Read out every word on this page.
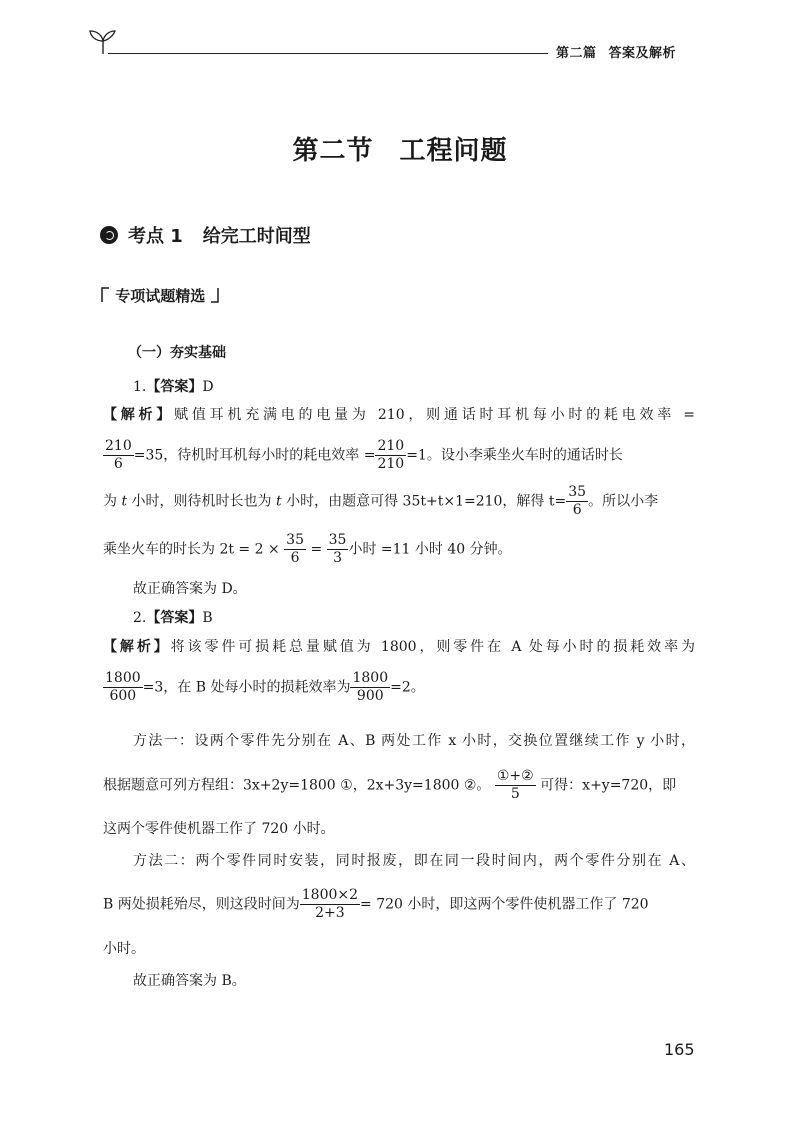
第二篇 答案及解析
第二节 工程问题
考点 1 给完工时间型
专项试题精选
（一）夯实基础
1.【答案】D
【解析】赋值耳机充满电的电量为 210，则通话时耳机每小时的耗电效率 =
$\frac{210}{6} =35$，待机时耳机每小时的耗电效率 = $\frac{210}{210} =1$。设小李乘坐火车时的通话时长
为 t 小时，则待机时长也为 t 小时，由题意可得 35t+t×1=210，解得 $t= \frac{35}{6}$ 。所以小李
乘坐火车的时长为 $2t = 2 \times \frac{35}{6} = \frac{35}{3}$ 小时 =11 小时 40 分钟。
故正确答案为 D。
2.【答案】B
【解析】将该零件可损耗总量赋值为 1800，则零件在 A 处每小时的损耗效率为
$\frac{1800}{600} =3$，在 B 处每小时的损耗效率为 $\frac{1800}{900} =2$。
方法一：设两个零件先分别在 A、B 两处工作 x 小时，交换位置继续工作 y 小时，
根据题意可列方程组：3x+2y=1800 ①，2x+3y=1800 ②。 $\frac{\text{①+②}}{5}$ 可得：x+y=720，即
这两个零件使机器工作了 720 小时。
方法二：两个零件同时安装，同时报废，即在同一段时间内，两个零件分别在 A、
B 两处损耗殆尽，则这段时间为 $\frac{1800\times 2}{2+3} = 720$ 小时，即这两个零件使机器工作了 720
小时。
故正确答案为 B。
165
